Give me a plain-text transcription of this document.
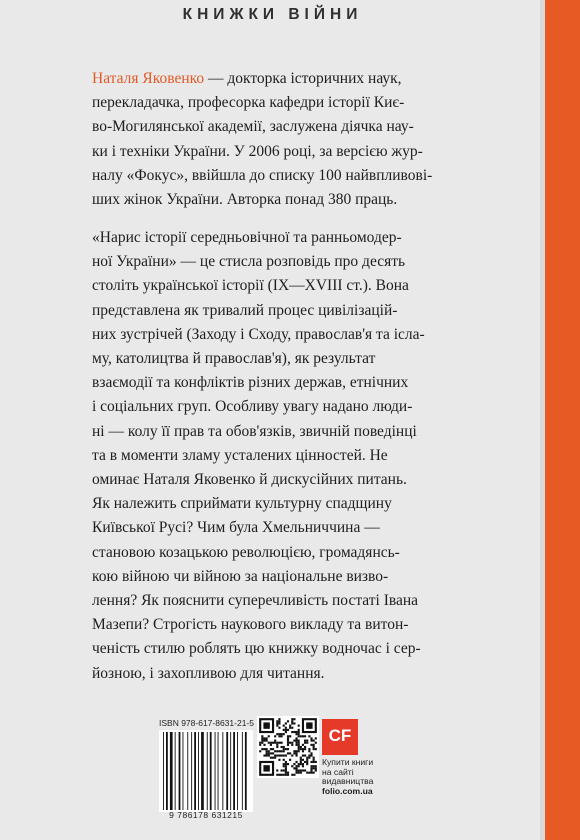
КНИЖКИ ВІЙНИ
Наталя Яковенко — докторка історичних наук,
перекладачка, професорка кафедри історії Киє-
во-Могилянської академії, заслужена діячка нау-
ки і техніки України. У 2006 році, за версією жур-
налу «Фокус», ввійшла до списку 100 найвпливові-
ших жінок України. Авторка понад 380 праць.
«Нарис історії середньовічної та ранньомодер-
ної України» — це стисла розповідь про десять
століть української історії (IX—XVIII ст.). Вона
представлена як тривалий процес цивілізацій-
них зустрічей (Заходу і Сходу, православ'я та ісла-
му, католицтва й православ'я), як результат
взаємодії та конфліктів різних держав, етнічних
і соціальних груп. Особливу увагу надано люди-
ні — колу її прав та обов'язків, звичній поведінці
та в моменти зламу усталених цінностей. Не
оминає Наталя Яковенко й дискусійних питань.
Як належить сприймати культурну спадщину
Київської Русі? Чим була Хмельниччина —
становою козацькою революцією, громадянсь-
кою війною чи війною за національне визво-
лення? Як пояснити суперечливість постаті Івана
Мазепи? Строгість наукового викладу та витон-
ченість стилю роблять цю книжку водночас і сер-
йозною, і захопливою для читання.
ISBN 978-617-8631-21-5
9 786178 631215
CF
Купити книги
на сайті
видавництва
folio.com.ua
